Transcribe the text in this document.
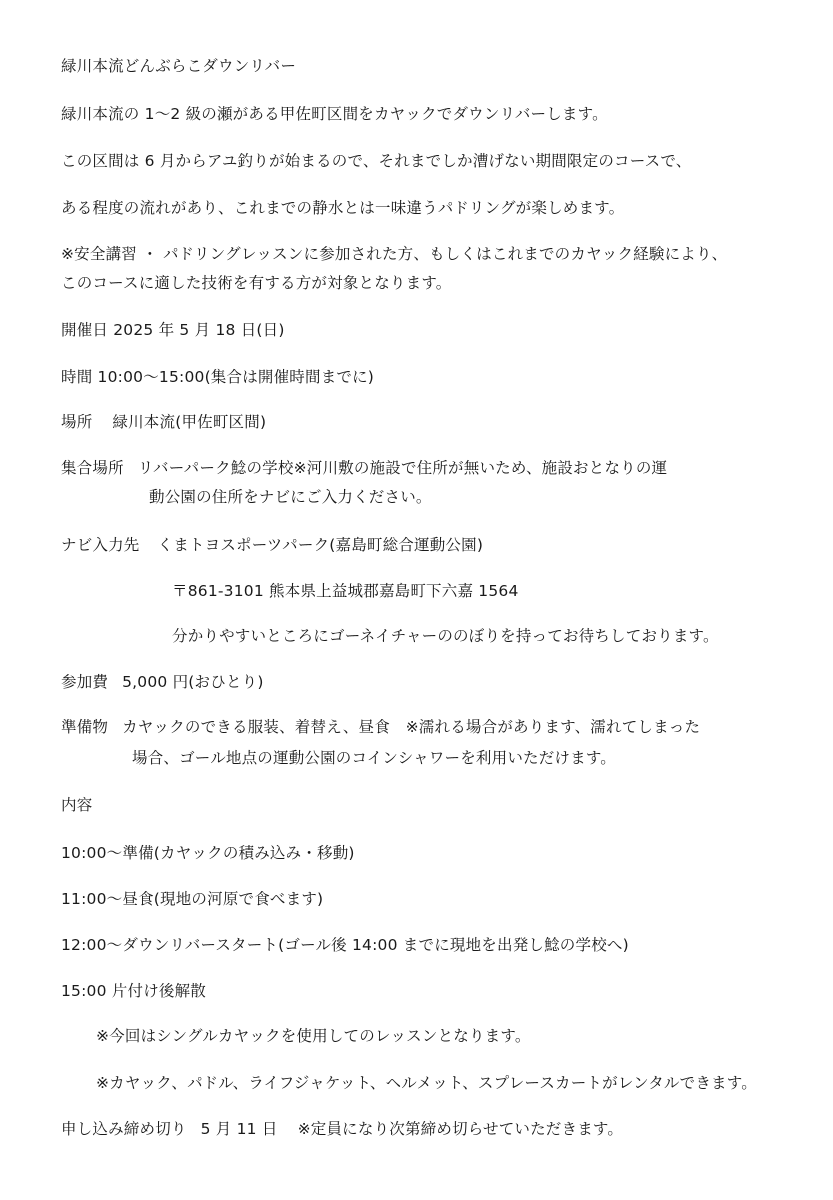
緑川本流どんぶらこダウンリバー
緑川本流の 1～2 級の瀬がある甲佐町区間をカヤックでダウンリバーします。
この区間は 6 月からアユ釣りが始まるので、それまでしか漕げない期間限定のコースで、
ある程度の流れがあり、これまでの静水とは一味違うパドリングが楽しめます。
※安全講習 ・ パドリングレッスンに参加された方、もしくはこれまでのカヤック経験により、
このコースに適した技術を有する方が対象となります。
開催日 2025 年 5 月 18 日(日)
時間 10:00～15:00(集合は開催時間までに)
場所 緑川本流(甲佐町区間)
集合場所 リバーパーク鯰の学校※河川敷の施設で住所が無いため、施設おとなりの運
動公園の住所をナビにご入力ください。
ナビ入力先 くまトヨスポーツパーク(嘉島町総合運動公園)
〒861-3101 熊本県上益城郡嘉島町下六嘉 1564
分かりやすいところにゴーネイチャーののぼりを持ってお待ちしております。
参加費 5,000 円(おひとり)
準備物 カヤックのできる服装、着替え、昼食　※濡れる場合があります、濡れてしまった
場合、ゴール地点の運動公園のコインシャワーを利用いただけます。
内容
10:00～準備(カヤックの積み込み・移動)
11:00～昼食(現地の河原で食べます)
12:00～ダウンリバースタート(ゴール後 14:00 までに現地を出発し鯰の学校へ)
15:00 片付け後解散
※今回はシングルカヤックを使用してのレッスンとなります。
※カヤック、パドル、ライフジャケット、ヘルメット、スプレースカートがレンタルできます。
申し込み締め切り 5 月 11 日 ※定員になり次第締め切らせていただきます。
